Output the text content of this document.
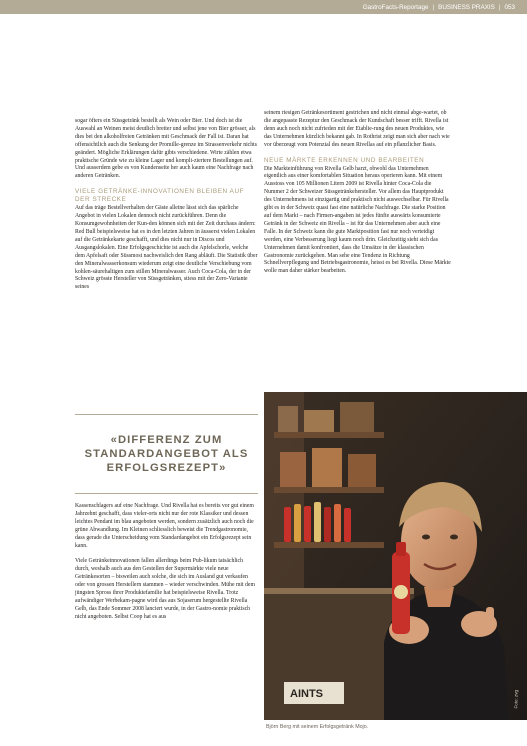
GastroFacts-Reportage | BUSINESS PRAXIS | 053

sogar öfters ein Süssgetränk bestellt als Wein oder Bier. Und doch ist die Auswahl an Weinen meist deutlich breiter und selbst jene von Bier grösser, als dies bei den alkoholfreien Getränken mit Geschmack der Fall ist. Daran hat offensichtlich auch die Senkung der Promille-grenze im Strassenverkehr nichts geändert. Mögliche Erklärungen dafür gibts verschiedene. Wirte zählen etwa praktische Gründe wie zu kleine Lager und kompli-ziertere Bestellungen auf. Und ausserdem gebe es von Kundenseite her auch kaum eine Nachfrage nach anderen Getränken.

VIELE GETRÄNKE-INNOVATIONEN BLEIBEN AUF DER STRECKE

Auf das träge Bestellverhalten der Gäste alleine lässt sich das spärliche Angebot in vielen Lokalen dennoch nicht zurückführen. Denn die Konsumgewohnheiten der Kun-den können sich mit der Zeit durchaus ändern: Red Bull beispielsweise hat es in den letzten Jahren in äusserst vielen Lokalen auf die Getränkekarte geschafft, und dies nicht nur in Discos und Ausgangslokalen. Eine Erfolgsgeschichte ist auch die Apfelschorle, welche dem Apfelsaft oder Süssmost nachweislich den Rang abläuft. Die Statistik über den Mineralwasserkonsum wiederum zeigt eine deutliche Verschiebung vom kohlen-säurehaltigen zum stillen Mineralwasser. Auch Coca-Cola, der in der Schweiz grösste Hersteller von Süssgetränken, stiess mit der Zero-Variante seines

«DIFFERENZ ZUM STANDARDANGEBOT ALS ERFOLGSREZEPT»

Kassenschlagers auf eine Nachfrage. Und Rivella hat es bereits vor gut einem Jahrzehnt geschafft, dass vieler-orts nicht nur der rote Klassiker und dessen leichtes Pendant im blau angeboten werden, sondern zusätzlich auch noch die grüne Abwandlung. Im Kleinen schliesslich beweist die Trendgastronomie, dass gerade die Unterscheidung vom Standardangebot ein Erfolgsrezept sein kann.

Viele Getränkeinnovationen fallen allerdings beim Pub-likum tatsächlich durch, weshalb auch aus den Gestellen der Supermärkte viele neue Getränkesorten – bisweilen auch solche, die sich im Ausland gut verkaufen oder von grossen Herstellern stammen – wieder verschwinden. Mühe mit dem jüngsten Spross ihrer Produktefamilie hat beispielsweise Rivella. Trotz aufwändiger Werbekam-pagne wird das aus Sojaserum hergestellte Rivella Gelb, das Ende Sommer 2008 lanciert wurde, in der Gastro-nomie praktisch nicht angeboten. Selbst Coop hat es aus

seinem riesigen Getränkesortiment gestrichen und nicht einmal abge-wartet, ob die angepasste Rezeptur den Geschmack der Kundschaft besser trifft. Rivella ist denn auch noch nicht zufrieden mit der Etablie-rung des neuen Produktes, wie das Unternehmen kürzlich bekannt gab. In Rothrist zeigt man sich aber nach wie vor überzeugt vom Potenzial des neuen Rivellas auf ein pflanzlicher Basis.

NEUE MÄRKTE ERKENNEN UND BEARBEITEN

Die Markteinführung von Rivella Gelb harzt, obwohl das Unternehmen eigentlich aus einer komfortablen Situation heraus operieren kann. Mit einem Ausstoss von 105 Millionen Litern 2009 ist Rivella hinter Coca-Cola die Nummer 2 der Schweizer Süssgetränkehersteller. Vor allem das Hauptprodukt des Unternehmens ist einzigartig und praktisch nicht auswechselbar. Für Rivella gibt es in der Schweiz quasi fast eine natürliche Nachfrage. Die starke Position auf dem Markt – nach Firmen-angaben ist jedes fünfte auswärts konsumierte Getränk in der Schweiz ein Rivella – ist für das Unternehmen aber auch eine Falle. In der Schweiz kann die gute Marktposition fast nur noch verteidigt werden, eine Verbesserung liegt kaum noch drin. Gleichzeitig sieht sich das Unternehmen damit konfrontiert, dass die Umsätze in der klassischen Gastronomie zurückgehen. Man sehe eine Tendenz in Richtung Schnellverpflegung und Betriebsgastronomie, heisst es bei Rivella. Diese Märkte wolle man daher stärker bearbeiten.

AINTS	Foto: zvg
Björn Berg mit seinem Erfolgsgetränk Mojo.
